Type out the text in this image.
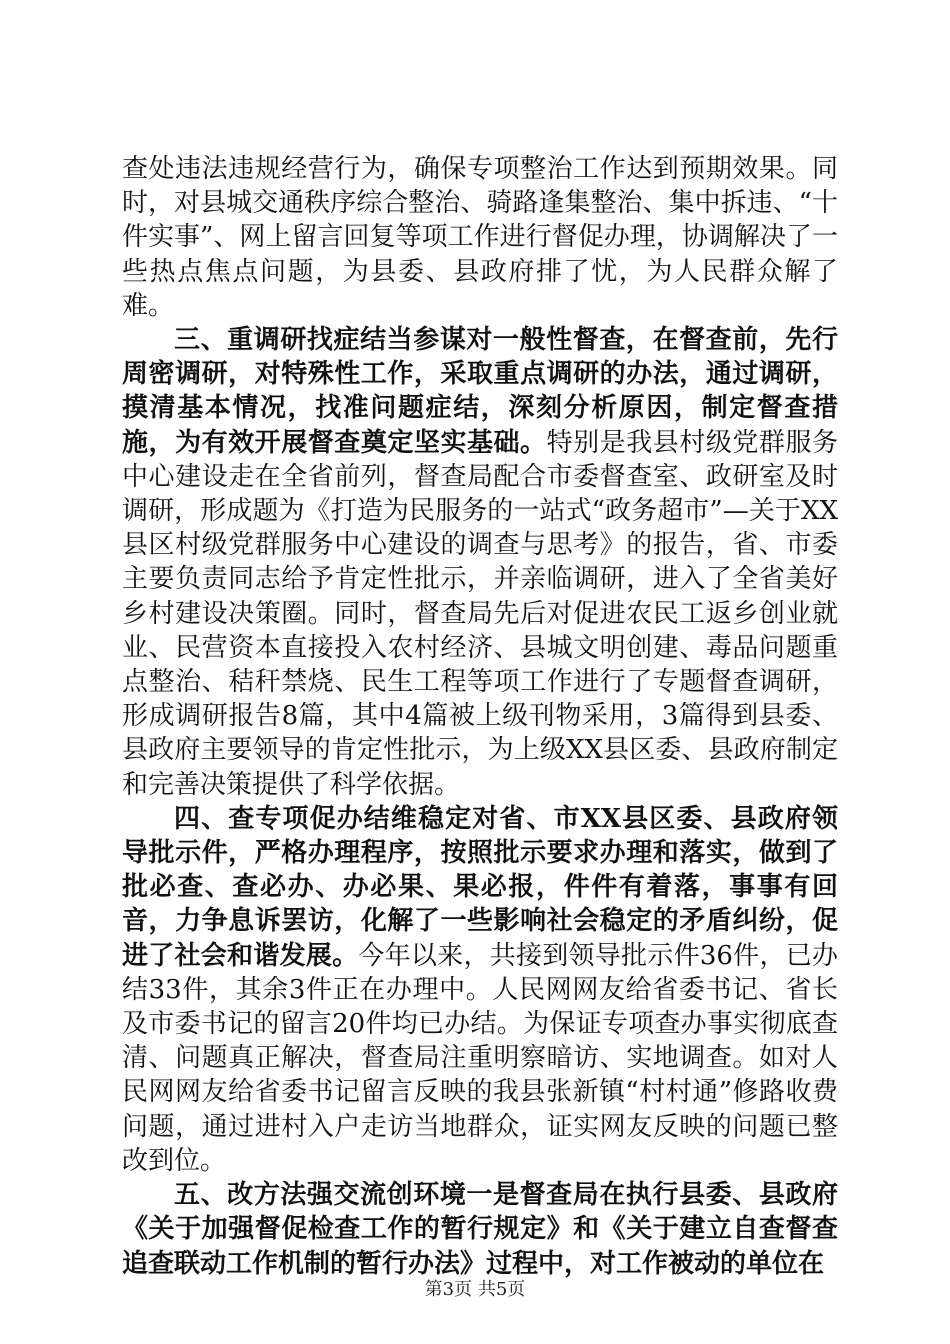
查处违法违规经营行为，确保专项整治工作达到预期效果。同时，对县城交通秩序综合整治、骑路逢集整治、集中拆违、“十件实事”、网上留言回复等项工作进行督促办理，协调解决了一些热点焦点问题，为县委、县政府排了忧，为人民群众解了难。

三、重调研找症结当参谋对一般性督查，在督查前，先行周密调研，对特殊性工作，采取重点调研的办法，通过调研，摸清基本情况，找准问题症结，深刻分析原因，制定督查措施，为有效开展督查奠定坚实基础。特别是我县村级党群服务中心建设走在全省前列，督查局配合市委督查室、政研室及时调研，形成题为《打造为民服务的一站式“政务超市”—关于XX县区村级党群服务中心建设的调查与思考》的报告，省、市委主要负责同志给予肯定性批示，并亲临调研，进入了全省美好乡村建设决策圈。同时，督查局先后对促进农民工返乡创业就业、民营资本直接投入农村经济、县城文明创建、毒品问题重点整治、秸秆禁烧、民生工程等项工作进行了专题督查调研，形成调研报告8篇，其中4篇被上级刊物采用，3篇得到县委、县政府主要领导的肯定性批示，为上级XX县区委、县政府制定和完善决策提供了科学依据。

四、查专项促办结维稳定对省、市XX县区委、县政府领导批示件，严格办理程序，按照批示要求办理和落实，做到了批必查、查必办、办必果、果必报，件件有着落，事事有回音，力争息诉罢访，化解了一些影响社会稳定的矛盾纠纷，促进了社会和谐发展。今年以来，共接到领导批示件36件，已办结33件，其余3件正在办理中。人民网网友给省委书记、省长及市委书记的留言20件均已办结。为保证专项查办事实彻底查清、问题真正解决，督查局注重明察暗访、实地调查。如对人民网网友给省委书记留言反映的我县张新镇“村村通”修路收费问题，通过进村入户走访当地群众，证实网友反映的问题已整改到位。

五、改方法强交流创环境一是督查局在执行县委、县政府《关于加强督促检查工作的暂行规定》和《关于建立自查督查追查联动工作机制的暂行办法》过程中，对工作被动的单位在

第3页 共5页
